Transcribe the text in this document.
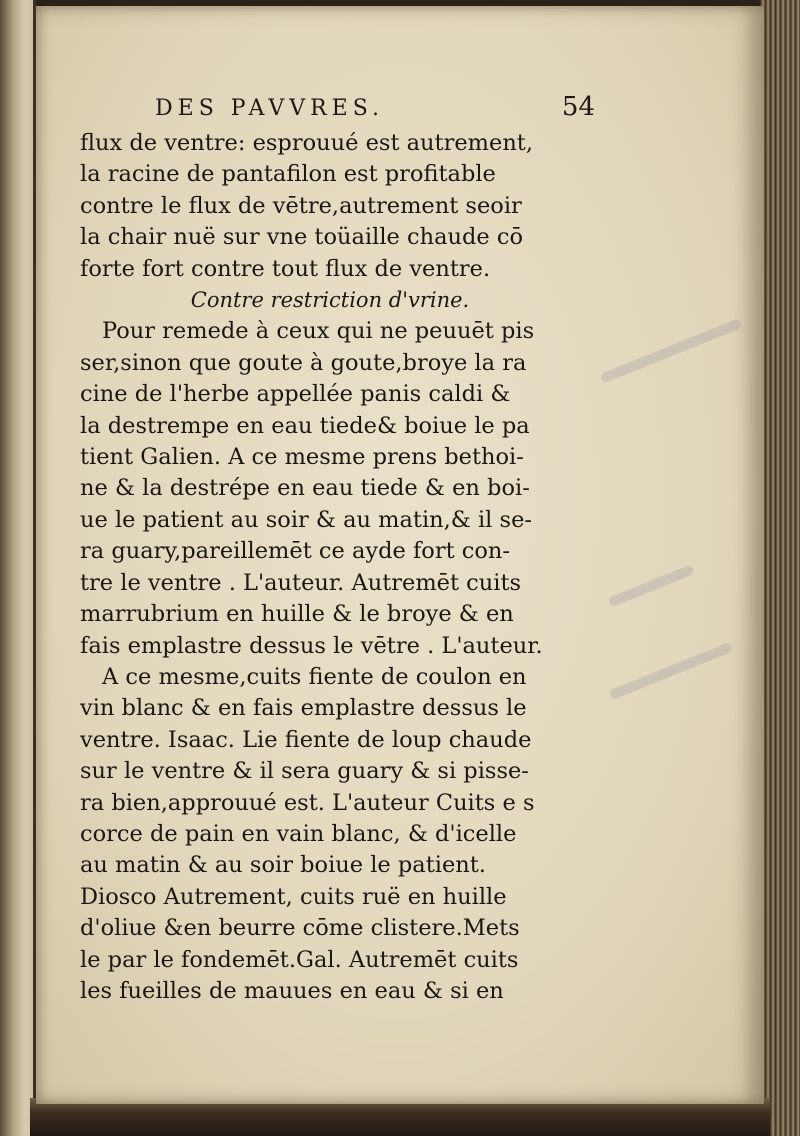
DES PAVVRES.	54
flux de ventre: esprouué est autrement,
la racine de pantafilon est profitable
contre le flux de vētre,autrement seoir
la chair nuë sur vne toüaille chaude cō
forte fort contre tout flux de ventre.
Contre restriction d'vrine.
Pour remede à ceux qui ne peuuēt pis
ser,sinon que goute à goute,broye la ra
cine de l'herbe appellée panis caldi &
la destrempe en eau tiede& boiue le pa
tient Galien. A ce mesme prens bethoi-
ne & la destrépe en eau tiede & en boi-
ue le patient au soir & au matin,& il se-
ra guary,pareillemēt ce ayde fort con-
tre le ventre . L'auteur. Autremēt cuits
marrubrium en huille & le broye & en
fais emplastre dessus le vētre . L'auteur.
A ce mesme,cuits fiente de coulon en
vin blanc & en fais emplastre dessus le
ventre. Isaac. Lie fiente de loup chaude
sur le ventre & il sera guary & si pisse-
ra bien,approuué est. L'auteur Cuits e s
corce de pain en vain blanc, & d'icelle
au matin & au soir boiue le patient.
Diosco Autrement, cuits ruë en huille
d'oliue &en beurre cōme clistere.Mets
le par le fondemēt.Gal. Autremēt cuits
les fueilles de mauues en eau & si en
